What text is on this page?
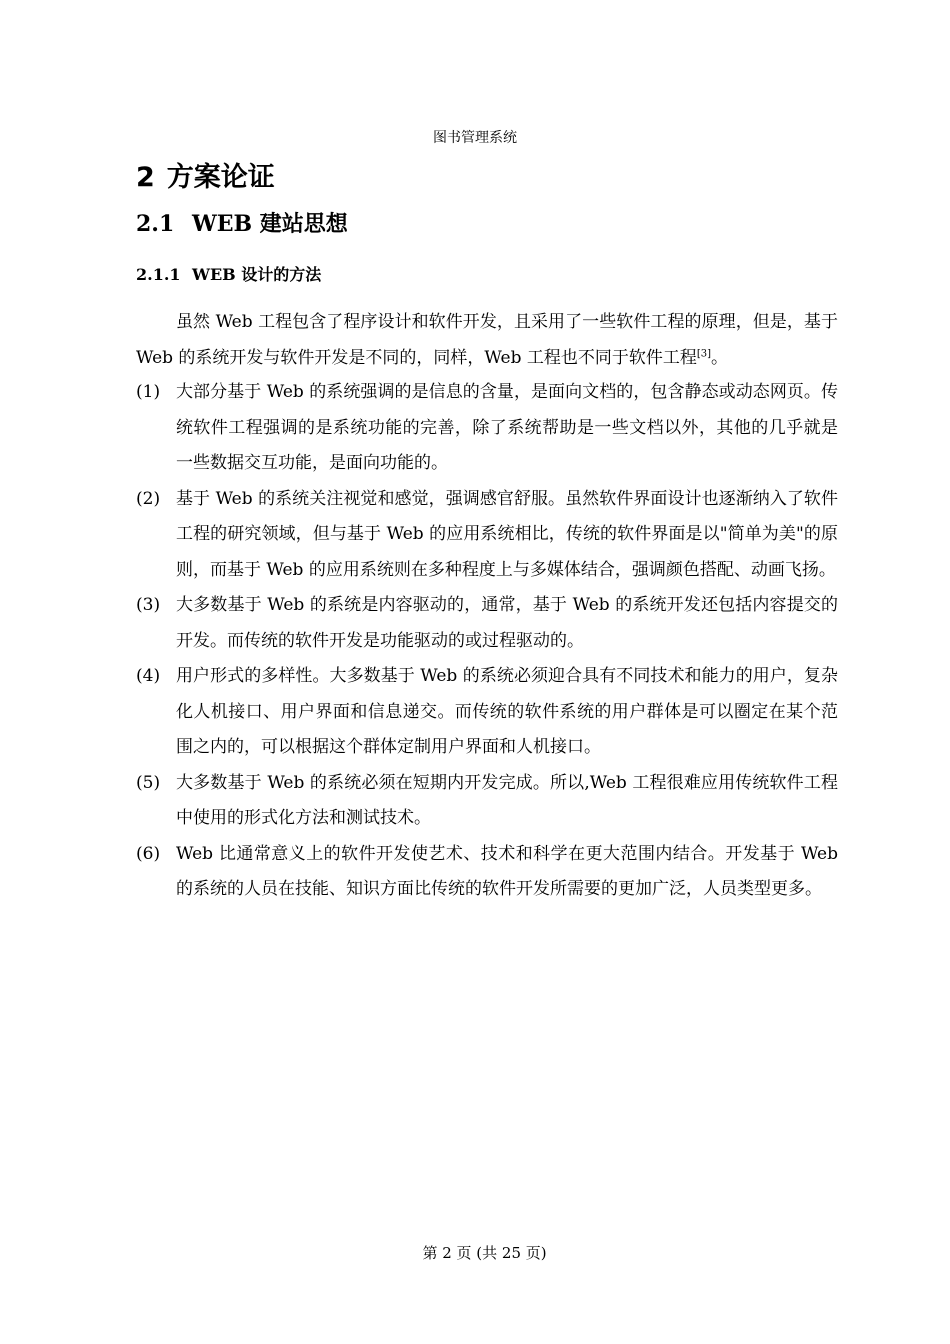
图书管理系统
2 方案论证
2.1 WEB 建站思想
2.1.1 WEB 设计的方法

虽然 Web 工程包含了程序设计和软件开发，且采用了一些软件工程的原理，但是，基于 Web 的系统开发与软件开发是不同的，同样，Web 工程也不同于软件工程[3]。

(1) 大部分基于 Web 的系统强调的是信息的含量，是面向文档的，包含静态或动态网页。传统软件工程强调的是系统功能的完善，除了系统帮助是一些文档以外，其他的几乎就是一些数据交互功能，是面向功能的。
(2) 基于 Web 的系统关注视觉和感觉，强调感官舒服。虽然软件界面设计也逐渐纳入了软件工程的研究领域，但与基于 Web 的应用系统相比，传统的软件界面是以"简单为美"的原则，而基于 Web 的应用系统则在多种程度上与多媒体结合，强调颜色搭配、动画飞扬。
(3) 大多数基于 Web 的系统是内容驱动的，通常，基于 Web 的系统开发还包括内容提交的开发。而传统的软件开发是功能驱动的或过程驱动的。
(4) 用户形式的多样性。大多数基于 Web 的系统必须迎合具有不同技术和能力的用户，复杂化人机接口、用户界面和信息递交。而传统的软件系统的用户群体是可以圈定在某个范围之内的，可以根据这个群体定制用户界面和人机接口。
(5) 大多数基于 Web 的系统必须在短期内开发完成。所以,Web 工程很难应用传统软件工程中使用的形式化方法和测试技术。
(6) Web 比通常意义上的软件开发使艺术、技术和科学在更大范围内结合。开发基于 Web 的系统的人员在技能、知识方面比传统的软件开发所需要的更加广泛，人员类型更多。

第 2 页 (共 25 页)
